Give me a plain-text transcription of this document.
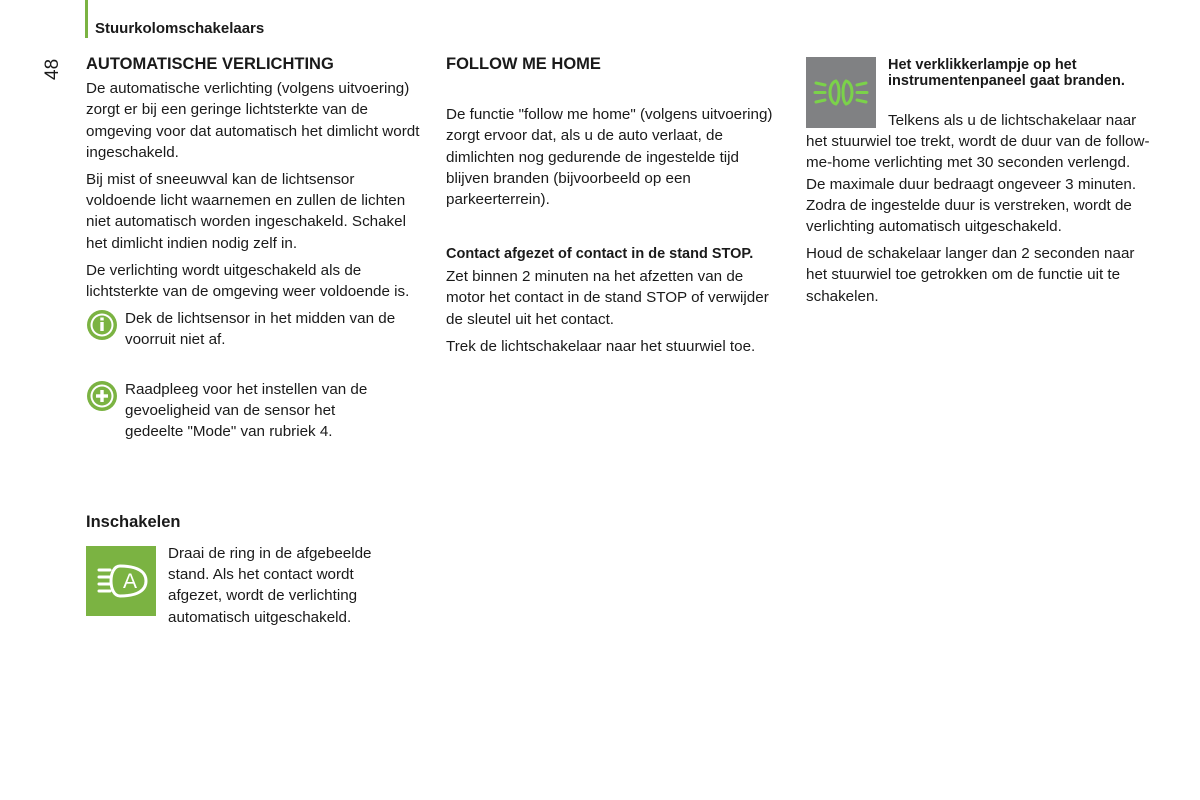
Stuurkolomschakelaars
48 AUTOMATISCHE VERLICHTING

De automatische verlichting (volgens uitvoering) zorgt er bij een geringe lichtsterkte van de omgeving voor dat automatisch het dimlicht wordt ingeschakeld.

Bij mist of sneeuwval kan de lichtsensor voldoende licht waarnemen en zullen de lichten niet automatisch worden ingeschakeld. Schakel het dimlicht indien nodig zelf in.

De verlichting wordt uitgeschakeld als de lichtsterkte van de omgeving weer voldoende is.

Dek de lichtsensor in het midden van de voorruit niet af.
Raadpleeg voor het instellen van de gevoeligheid van de sensor het gedeelte "Mode" van rubriek 4.
Inschakelen
A
Draai de ring in de afgebeelde stand. Als het contact wordt afgezet, wordt de verlichting automatisch uitgeschakeld.
FOLLOW ME HOME

De functie "follow me home" (volgens uitvoering) zorgt ervoor dat, als u de auto verlaat, de dimlichten nog gedurende de ingestelde tijd blijven branden (bijvoorbeeld op een parkeerterrein).

Contact afgezet of contact in de stand STOP.

Zet binnen 2 minuten na het afzetten van de motor het contact in de stand STOP of verwijder de sleutel uit het contact.

Trek de lichtschakelaar naar het stuurwiel toe.

Het verklikkerlampje op het instrumentenpaneel gaat branden.

Telkens als u de lichtschakelaar naar het stuurwiel toe trekt, wordt de duur van de follow-me-home verlichting met 30 seconden verlengd. De maximale duur bedraagt ongeveer 3 minuten. Zodra de ingestelde duur is verstreken, wordt de verlichting automatisch uitgeschakeld.

Houd de schakelaar langer dan 2 seconden naar het stuurwiel toe getrokken om de functie uit te schakelen.
